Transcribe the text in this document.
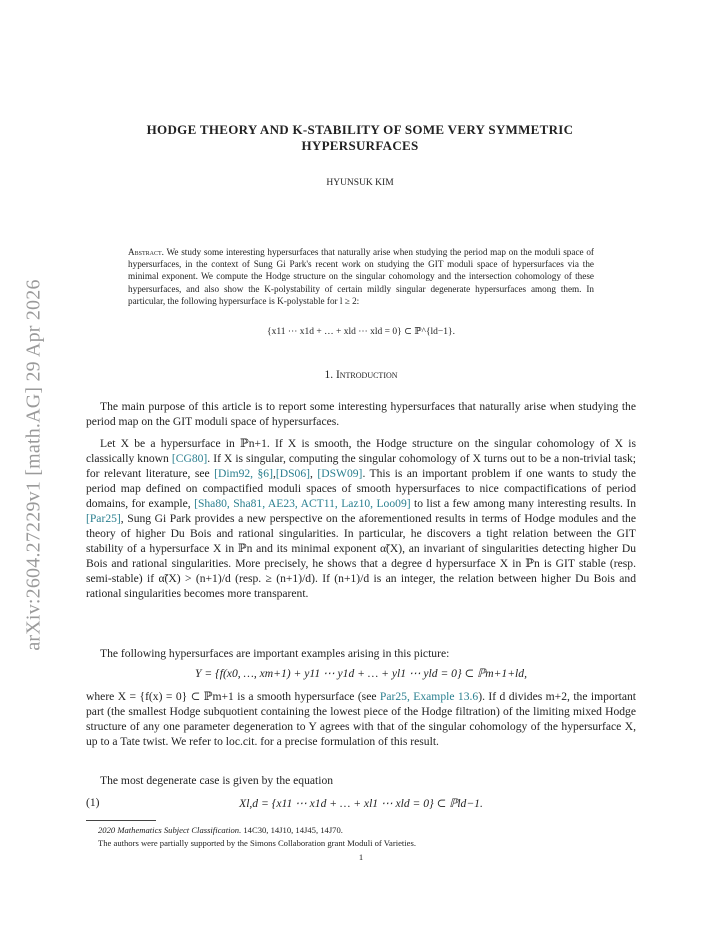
arXiv:2604.27229v1 [math.AG] 29 Apr 2026
HODGE THEORY AND K-STABILITY OF SOME VERY SYMMETRIC
HYPERSURFACES
HYUNSUK KIM
Abstract. We study some interesting hypersurfaces that naturally arise when studying the period map on the moduli space of hypersurfaces, in the context of Sung Gi Park's recent work on studying the GIT moduli space of hypersurfaces via the minimal exponent. We compute the Hodge structure on the singular cohomology and the intersection cohomology of these hypersurfaces, and also show the K-polystability of certain mildly singular degenerate hypersurfaces among them. In particular, the following hypersurface is K-polystable for l ≥ 2:
{x11 ⋯ x1d + … + xld ⋯ xld = 0} ⊂ ℙ^{ld−1}.
1. Introduction
The main purpose of this article is to report some interesting hypersurfaces that naturally arise when studying the period map on the GIT moduli space of hypersurfaces.
Let X be a hypersurface in ℙn+1. If X is smooth, the Hodge structure on the singular cohomology of X is classically known [CG80]. If X is singular, computing the singular cohomology of X turns out to be a non-trivial task; for relevant literature, see [Dim92, §6],[DS06], [DSW09]. This is an important problem if one wants to study the period map defined on compactified moduli spaces of smooth hypersurfaces to nice compactifications of period domains, for example, [Sha80, Sha81, AE23, ACT11, Laz10, Loo09] to list a few among many interesting results. In [Par25], Sung Gi Park provides a new perspective on the aforementioned results in terms of Hodge modules and the theory of higher Du Bois and rational singularities. In particular, he discovers a tight relation between the GIT stability of a hypersurface X in ℙn and its minimal exponent α̃(X), an invariant of singularities detecting higher Du Bois and rational singularities. More precisely, he shows that a degree d hypersurface X in ℙn is GIT stable (resp. semi-stable) if α̃(X) > (n+1)/d (resp. ≥ (n+1)/d). If (n+1)/d is an integer, the relation between higher Du Bois and rational singularities becomes more transparent.
The following hypersurfaces are important examples arising in this picture:
Y = {f(x0, …, xm+1) + y11 ⋯ y1d + … + yl1 ⋯ yld = 0} ⊂ ℙm+1+ld,
where X = {f(x) = 0} ⊂ ℙm+1 is a smooth hypersurface (see Par25, Example 13.6). If d divides m+2, the important part (the smallest Hodge subquotient containing the lowest piece of the Hodge filtration) of the limiting mixed Hodge structure of any one parameter degeneration to Y agrees with that of the singular cohomology of the hypersurface X, up to a Tate twist. We refer to loc.cit. for a precise formulation of this result.
The most degenerate case is given by the equation
(1)	Xl,d = {x11 ⋯ x1d + … + xl1 ⋯ xld = 0} ⊂ ℙld−1.
2020 Mathematics Subject Classification. 14C30, 14J10, 14J45, 14J70.
The authors were partially supported by the Simons Collaboration grant Moduli of Varieties.
1
